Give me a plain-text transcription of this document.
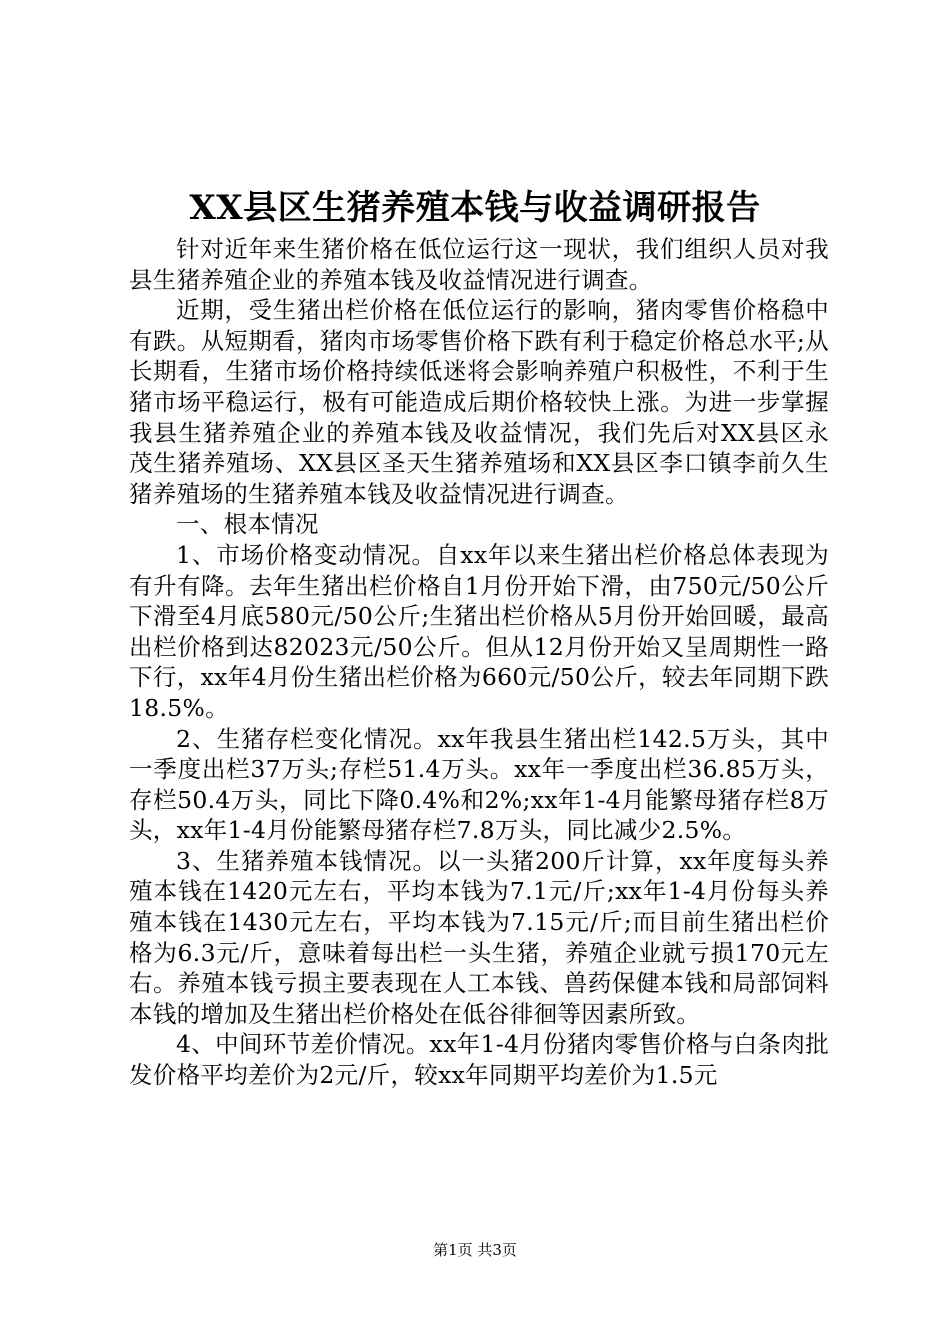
XX县区生猪养殖本钱与收益调研报告

针对近年来生猪价格在低位运行这一现状，我们组织人员对我县生猪养殖企业的养殖本钱及收益情况进行调查。

近期，受生猪出栏价格在低位运行的影响，猪肉零售价格稳中有跌。从短期看，猪肉市场零售价格下跌有利于稳定价格总水平;从长期看，生猪市场价格持续低迷将会影响养殖户积极性，不利于生猪市场平稳运行，极有可能造成后期价格较快上涨。为进一步掌握我县生猪养殖企业的养殖本钱及收益情况，我们先后对XX县区永茂生猪养殖场、XX县区圣天生猪养殖场和XX县区李口镇李前久生猪养殖场的生猪养殖本钱及收益情况进行调查。

一、根本情况

1、市场价格变动情况。自xx年以来生猪出栏价格总体表现为有升有降。去年生猪出栏价格自1月份开始下滑，由750元/50公斤下滑至4月底580元/50公斤;生猪出栏价格从5月份开始回暖，最高出栏价格到达82023元/50公斤。但从12月份开始又呈周期性一路下行，xx年4月份生猪出栏价格为660元/50公斤，较去年同期下跌18.5%。

2、生猪存栏变化情况。xx年我县生猪出栏142.5万头，其中一季度出栏37万头;存栏51.4万头。xx年一季度出栏36.85万头，存栏50.4万头，同比下降0.4%和2%;xx年1-4月能繁母猪存栏8万头，xx年1-4月份能繁母猪存栏7.8万头，同比减少2.5%。

3、生猪养殖本钱情况。以一头猪200斤计算，xx年度每头养殖本钱在1420元左右，平均本钱为7.1元/斤;xx年1-4月份每头养殖本钱在1430元左右，平均本钱为7.15元/斤;而目前生猪出栏价格为6.3元/斤，意味着每出栏一头生猪，养殖企业就亏损170元左右。养殖本钱亏损主要表现在人工本钱、兽药保健本钱和局部饲料本钱的增加及生猪出栏价格处在低谷徘徊等因素所致。

4、中间环节差价情况。xx年1-4月份猪肉零售价格与白条肉批发价格平均差价为2元/斤，较xx年同期平均差价为1.5元

第1页 共3页
